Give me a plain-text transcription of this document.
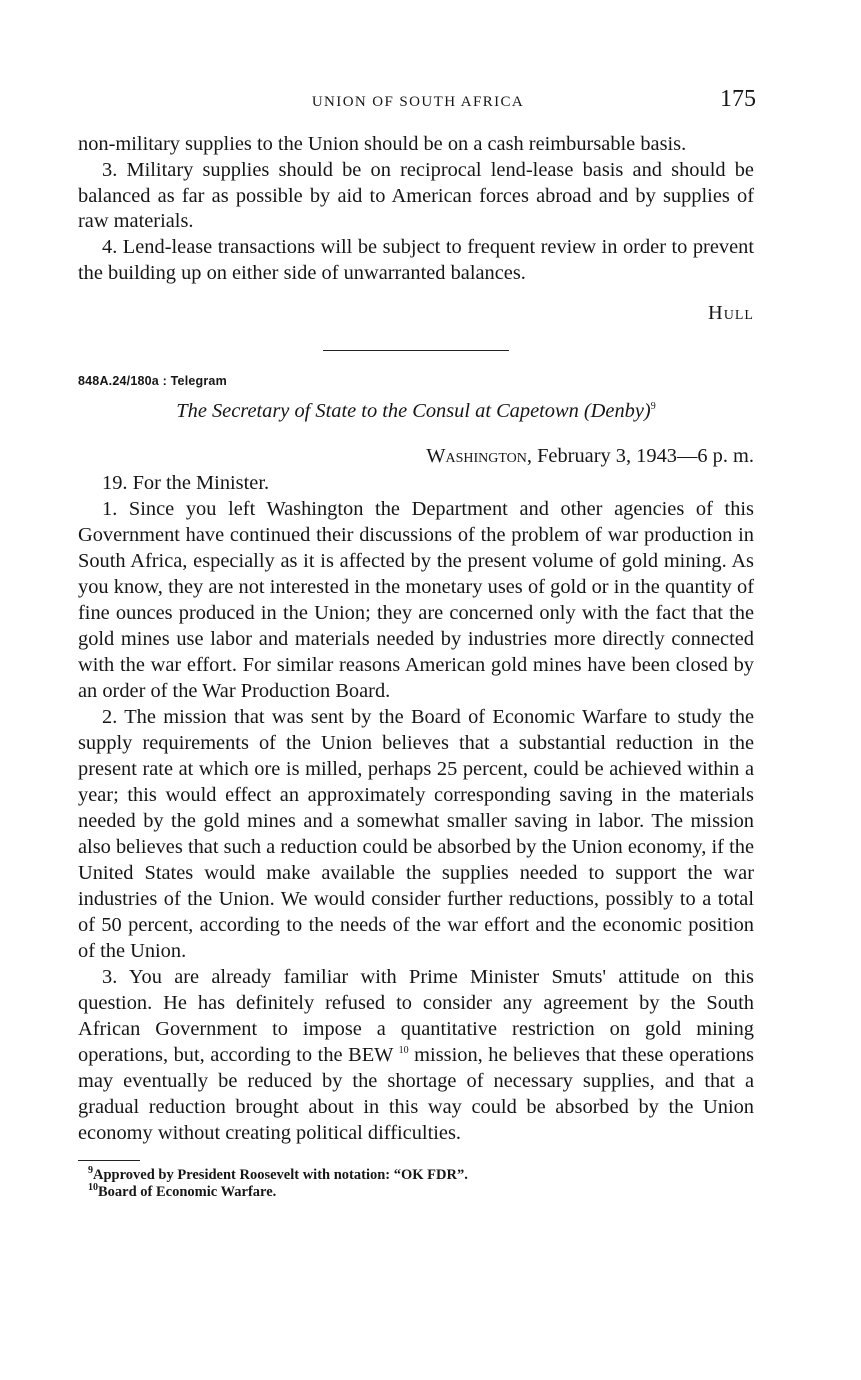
UNION OF SOUTH AFRICA	175

non-military supplies to the Union should be on a cash reimbursable basis.

3. Military supplies should be on reciprocal lend-lease basis and should be balanced as far as possible by aid to American forces abroad and by supplies of raw materials.

4. Lend-lease transactions will be subject to frequent review in order to prevent the building up on either side of unwarranted balances.

Hull

848A.24/180a : Telegram

The Secretary of State to the Consul at Capetown (Denby)$^9$

Washington, February 3, 1943—6 p. m.

19. For the Minister.

1. Since you left Washington the Department and other agencies of this Government have continued their discussions of the problem of war production in South Africa, especially as it is affected by the present volume of gold mining. As you know, they are not interested in the monetary uses of gold or in the quantity of fine ounces produced in the Union; they are concerned only with the fact that the gold mines use labor and materials needed by industries more directly connected with the war effort. For similar reasons American gold mines have been closed by an order of the War Production Board.

2. The mission that was sent by the Board of Economic Warfare to study the supply requirements of the Union believes that a substantial reduction in the present rate at which ore is milled, perhaps 25 percent, could be achieved within a year; this would effect an approximately corresponding saving in the materials needed by the gold mines and a somewhat smaller saving in labor. The mission also believes that such a reduction could be absorbed by the Union economy, if the United States would make available the supplies needed to support the war industries of the Union. We would consider further reductions, possibly to a total of 50 percent, according to the needs of the war effort and the economic position of the Union.

3. You are already familiar with Prime Minister Smuts' attitude on this question. He has definitely refused to consider any agreement by the South African Government to impose a quantitative restriction on gold mining operations, but, according to the BEW $^{10}$ mission, he believes that these operations may eventually be reduced by the shortage of necessary supplies, and that a gradual reduction brought about in this way could be absorbed by the Union economy without creating political difficulties.

$^9$Approved by President Roosevelt with notation: “OK FDR”.
$^{10}$Board of Economic Warfare.
